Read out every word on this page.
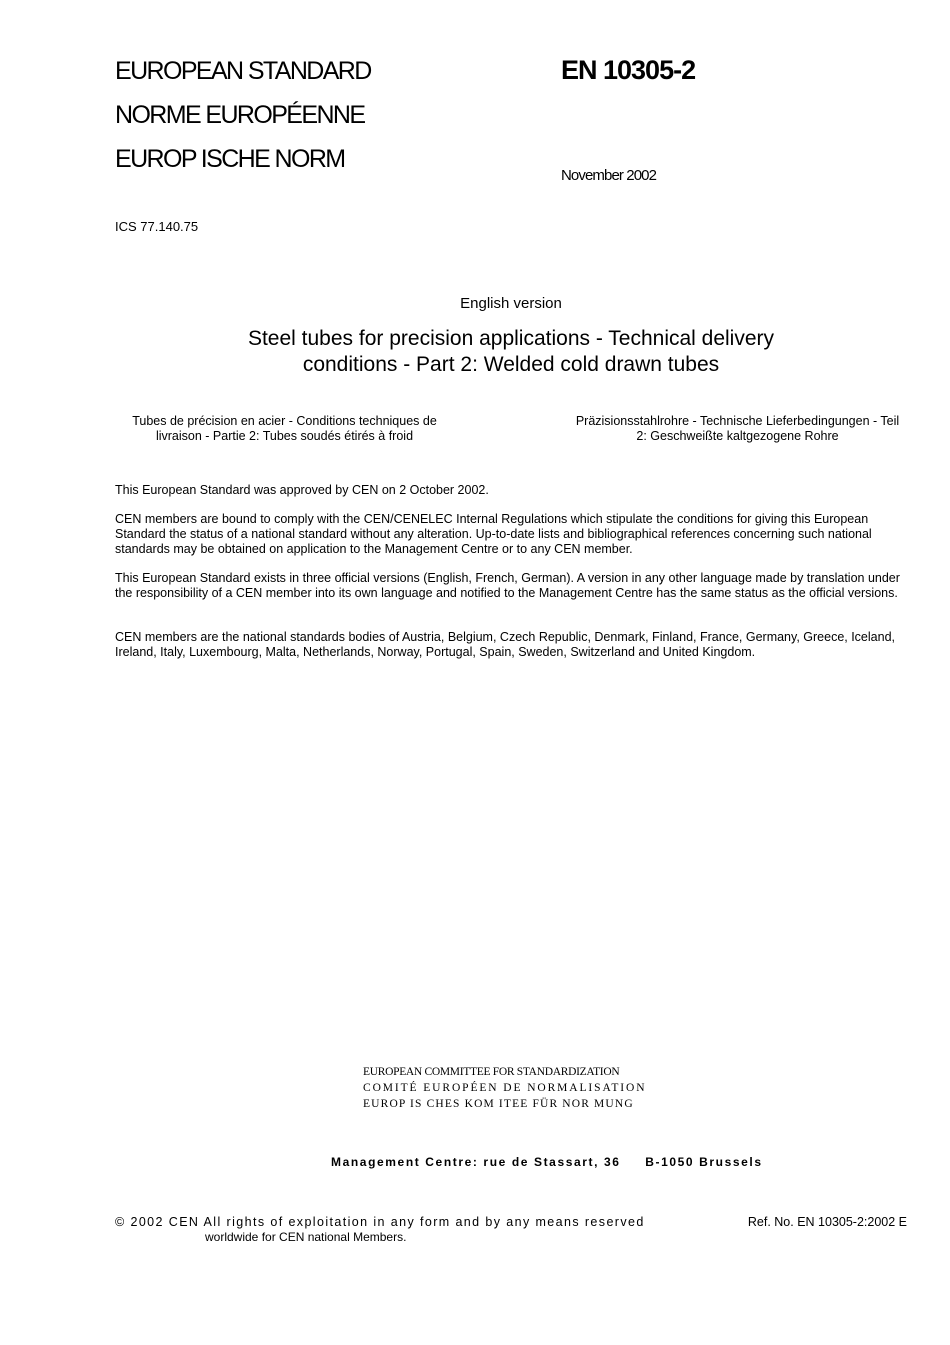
EUROPEAN STANDARD
NORME EUROPÉENNE
EUROP ISCHE NORM
EN 10305-2
November 2002
ICS 77.140.75
English version
Steel tubes for precision applications - Technical delivery
conditions - Part 2: Welded cold drawn tubes
Tubes de précision en acier - Conditions techniques de
livraison - Partie 2: Tubes soudés étirés à froid
Präzisionsstahlrohre - Technische Lieferbedingungen - Teil
2: Geschweißte kaltgezogene Rohre

This European Standard was approved by CEN on 2 October 2002.

CEN members are bound to comply with the CEN/CENELEC Internal Regulations which stipulate the conditions for giving this European Standard the status of a national standard without any alteration. Up-to-date lists and bibliographical references concerning such national standards may be obtained on application to the Management Centre or to any CEN member.

This European Standard exists in three official versions (English, French, German). A version in any other language made by translation under the responsibility of a CEN member into its own language and notified to the Management Centre has the same status as the official versions.

CEN members are the national standards bodies of Austria, Belgium, Czech Republic, Denmark, Finland, France, Germany, Greece, Iceland, Ireland, Italy, Luxembourg, Malta, Netherlands, Norway, Portugal, Spain, Sweden, Switzerland and United Kingdom.

EUROPEAN COMMITTEE FOR STANDARDIZATION
COMITÉ EUROPÉEN DE NORMALISATION
EUROP IS CHES KOM ITEE FÜR NOR MUNG
Management Centre: rue de Stassart, 36     B-1050 Brussels
© 2002 CEN All rights of exploitation in any form and by any means reserved
worldwide for CEN national Members.
Ref. No. EN 10305-2:2002 E
